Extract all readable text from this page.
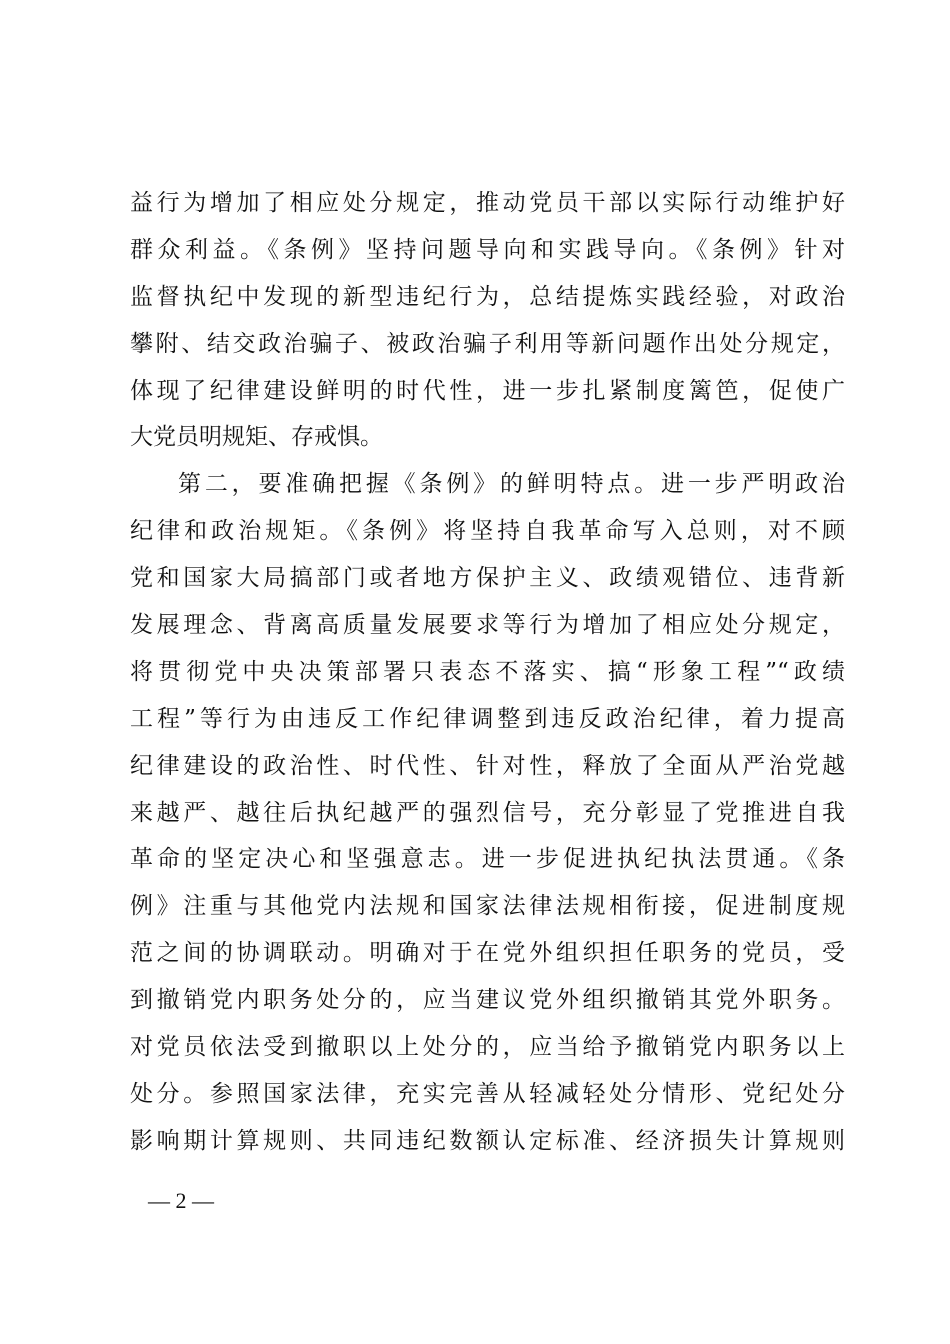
益行为增加了相应处分规定，推动党员干部以实际行动维护好
群众利益。《条例》坚持问题导向和实践导向。《条例》针对
监督执纪中发现的新型违纪行为，总结提炼实践经验，对政治
攀附、结交政治骗子、被政治骗子利用等新问题作出处分规定，
体现了纪律建设鲜明的时代性，进一步扎紧制度篱笆，促使广
大党员明规矩、存戒惧。
第二，要准确把握《条例》的鲜明特点。进一步严明政治
纪律和政治规矩。《条例》将坚持自我革命写入总则，对不顾
党和国家大局搞部门或者地方保护主义、政绩观错位、违背新
发展理念、背离高质量发展要求等行为增加了相应处分规定，
将贯彻党中央决策部署只表态不落实、搞“形象工程”“政绩
工程”等行为由违反工作纪律调整到违反政治纪律，着力提高
纪律建设的政治性、时代性、针对性，释放了全面从严治党越
来越严、越往后执纪越严的强烈信号，充分彰显了党推进自我
革命的坚定决心和坚强意志。进一步促进执纪执法贯通。《条
例》注重与其他党内法规和国家法律法规相衔接，促进制度规
范之间的协调联动。明确对于在党外组织担任职务的党员，受
到撤销党内职务处分的，应当建议党外组织撤销其党外职务。
对党员依法受到撤职以上处分的，应当给予撤销党内职务以上
处分。参照国家法律，充实完善从轻减轻处分情形、党纪处分
影响期计算规则、共同违纪数额认定标准、经济损失计算规则
— 2 —
